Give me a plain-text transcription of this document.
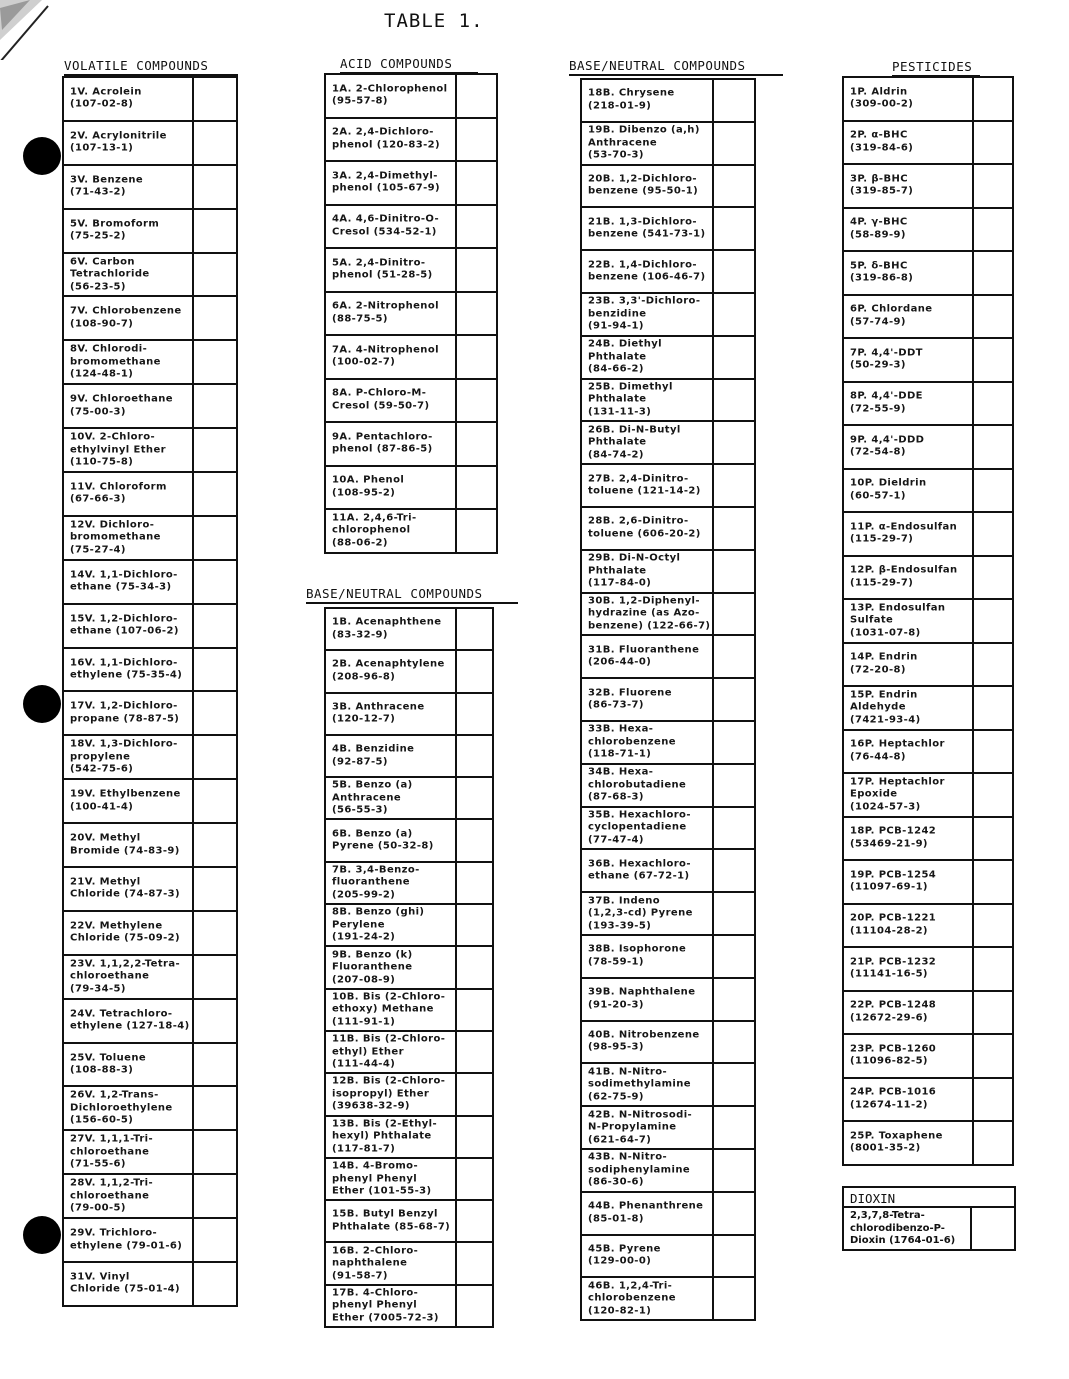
TABLE 1.
VOLATILE COMPOUNDS	ACID COMPOUNDS
BASE/NEUTRAL COMPOUNDS
BASE/NEUTRAL COMPOUNDS	PESTICIDES
1V. Acrolein
(107-02-8)
2V. Acrylonitrile
(107-13-1)
3V. Benzene
(71-43-2)
5V. Bromoform
(75-25-2)
6V. Carbon
Tetrachloride
(56-23-5)
7V. Chlorobenzene
(108-90-7)
8V. Chlorodi-
bromomethane
(124-48-1)
9V. Chloroethane
(75-00-3)
10V. 2-Chloro-
ethylvinyl Ether
(110-75-8)
11V. Chloroform
(67-66-3)
12V. Dichloro-
bromomethane
(75-27-4)
14V. 1,1-Dichloro-
ethane (75-34-3)
15V. 1,2-Dichloro-
ethane (107-06-2)
16V. 1,1-Dichloro-
ethylene (75-35-4)
17V. 1,2-Dichloro-
propane (78-87-5)
18V. 1,3-Dichloro-
propylene
(542-75-6)
19V. Ethylbenzene
(100-41-4)
20V. Methyl
Bromide (74-83-9)
21V. Methyl
Chloride (74-87-3)
22V. Methylene
Chloride (75-09-2)
23V. 1,1,2,2-Tetra-
chloroethane
(79-34-5)
24V. Tetrachloro-
ethylene (127-18-4)
25V. Toluene
(108-88-3)
26V. 1,2-Trans-
Dichloroethylene
(156-60-5)
27V. 1,1,1-Tri-
chloroethane
(71-55-6)
28V. 1,1,2-Tri-
chloroethane
(79-00-5)
29V. Trichloro-
ethylene (79-01-6)
31V. Vinyl
Chloride (75-01-4)
1A. 2-Chlorophenol
(95-57-8)
2A. 2,4-Dichloro-
phenol (120-83-2)
3A. 2,4-Dimethyl-
phenol (105-67-9)
4A. 4,6-Dinitro-O-
Cresol (534-52-1)
5A. 2,4-Dinitro-
phenol (51-28-5)
6A. 2-Nitrophenol
(88-75-5)
7A. 4-Nitrophenol
(100-02-7)
8A. P-Chloro-M-
Cresol (59-50-7)
9A. Pentachloro-
phenol (87-86-5)
10A. Phenol
(108-95-2)
11A. 2,4,6-Tri-
chlorophenol
(88-06-2)
1B. Acenaphthene
(83-32-9)
2B. Acenaphtylene
(208-96-8)
3B. Anthracene
(120-12-7)
4B. Benzidine
(92-87-5)
5B. Benzo (a)
Anthracene
(56-55-3)
6B. Benzo (a)
Pyrene (50-32-8)
7B. 3,4-Benzo-
fluoranthene
(205-99-2)
8B. Benzo (ghi)
Perylene
(191-24-2)
9B. Benzo (k)
Fluoranthene
(207-08-9)
10B. Bis (2-Chloro-
ethoxy) Methane
(111-91-1)
11B. Bis (2-Chloro-
ethyl) Ether
(111-44-4)
12B. Bis (2-Chloro-
isopropyl) Ether
(39638-32-9)
13B. Bis (2-Ethyl-
hexyl) Phthalate
(117-81-7)
14B. 4-Bromo-
phenyl Phenyl
Ether (101-55-3)
15B. Butyl Benzyl
Phthalate (85-68-7)
16B. 2-Chloro-
naphthalene
(91-58-7)
17B. 4-Chloro-
phenyl Phenyl
Ether (7005-72-3)
18B. Chrysene
(218-01-9)
19B. Dibenzo (a,h)
Anthracene
(53-70-3)
20B. 1,2-Dichloro-
benzene (95-50-1)
21B. 1,3-Dichloro-
benzene (541-73-1)
22B. 1,4-Dichloro-
benzene (106-46-7)
23B. 3,3'-Dichloro-
benzidine
(91-94-1)
24B. Diethyl
Phthalate
(84-66-2)
25B. Dimethyl
Phthalate
(131-11-3)
26B. Di-N-Butyl
Phthalate
(84-74-2)
27B. 2,4-Dinitro-
toluene (121-14-2)
28B. 2,6-Dinitro-
toluene (606-20-2)
29B. Di-N-Octyl
Phthalate
(117-84-0)
30B. 1,2-Diphenyl-
hydrazine (as Azo-
benzene) (122-66-7)
31B. Fluoranthene
(206-44-0)
32B. Fluorene
(86-73-7)
33B. Hexa-
chlorobenzene
(118-71-1)
34B. Hexa-
chlorobutadiene
(87-68-3)
35B. Hexachloro-
cyclopentadiene
(77-47-4)
36B. Hexachloro-
ethane (67-72-1)
37B. Indeno
(1,2,3-cd) Pyrene
(193-39-5)
38B. Isophorone
(78-59-1)
39B. Naphthalene
(91-20-3)
40B. Nitrobenzene
(98-95-3)
41B. N-Nitro-
sodimethylamine
(62-75-9)
42B. N-Nitrosodi-
N-Propylamine
(621-64-7)
43B. N-Nitro-
sodiphenylamine
(86-30-6)
44B. Phenanthrene
(85-01-8)
45B. Pyrene
(129-00-0)
46B. 1,2,4-Tri-
chlorobenzene
(120-82-1)
1P. Aldrin
(309-00-2)
2P. α-BHC
(319-84-6)
3P. β-BHC
(319-85-7)
4P. γ-BHC
(58-89-9)
5P. δ-BHC
(319-86-8)
6P. Chlordane
(57-74-9)
7P. 4,4'-DDT
(50-29-3)
8P. 4,4'-DDE
(72-55-9)
9P. 4,4'-DDD
(72-54-8)
10P. Dieldrin
(60-57-1)
11P. α-Endosulfan
(115-29-7)
12P. β-Endosulfan
(115-29-7)
13P. Endosulfan
Sulfate
(1031-07-8)
14P. Endrin
(72-20-8)
15P. Endrin
Aldehyde
(7421-93-4)
16P. Heptachlor
(76-44-8)
17P. Heptachlor
Epoxide
(1024-57-3)
18P. PCB-1242
(53469-21-9)
19P. PCB-1254
(11097-69-1)
20P. PCB-1221
(11104-28-2)
21P. PCB-1232
(11141-16-5)
22P. PCB-1248
(12672-29-6)
23P. PCB-1260
(11096-82-5)
24P. PCB-1016
(12674-11-2)
25P. Toxaphene
(8001-35-2)
DIOXIN
2,3,7,8-Tetra-
chlorodibenzo-P-
Dioxin (1764-01-6)
